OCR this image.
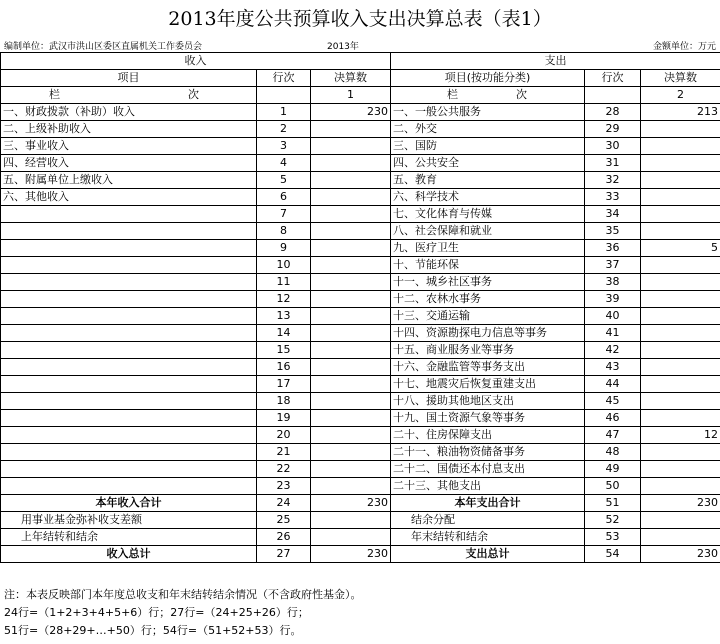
2013年度公共预算收入支出决算总表（表1）
编制单位：武汉市洪山区委区直属机关工作委员会	2013年	金额单位：万元
收入			支出		
项目	行次	决算数	项目(按功能分类)	行次	决算数
栏 次		1	栏 次		2
一、财政拨款（补助）收入	1	230	一、一般公共服务	28	213
二、上级补助收入	2		二、外交	29	
三、事业收入	3		三、国防	30	
四、经营收入	4		四、公共安全	31	
五、附属单位上缴收入	5		五、教育	32	
六、其他收入	6		六、科学技术	33	
	7		七、文化体育与传媒	34	
	8		八、社会保障和就业	35	
	9		九、医疗卫生	36	5
	10		十、节能环保	37	
	11		十一、城乡社区事务	38	
	12		十二、农林水事务	39	
	13		十三、交通运输	40	
	14		十四、资源勘探电力信息等事务	41	
	15		十五、商业服务业等事务	42	
	16		十六、金融监管等事务支出	43	
	17		十七、地震灾后恢复重建支出	44	
	18		十八、援助其他地区支出	45	
	19		十九、国土资源气象等事务	46	
	20		二十、住房保障支出	47	12
	21		二十一、粮油物资储备事务	48	
	22		二十二、国债还本付息支出	49	
	23		二十三、其他支出	50	
本年收入合计	24	230	本年支出合计	51	230
用事业基金弥补收支差额	25		结余分配	52	
上年结转和结余	26		年末结转和结余	53	
收入总计	27	230	支出总计	54	230
注：本表反映部门本年度总收支和年末结转结余情况（不含政府性基金）。
24行=（1+2+3+4+5+6）行；27行=（24+25+26）行；
51行=（28+29+…+50）行；54行=（51+52+53）行。
